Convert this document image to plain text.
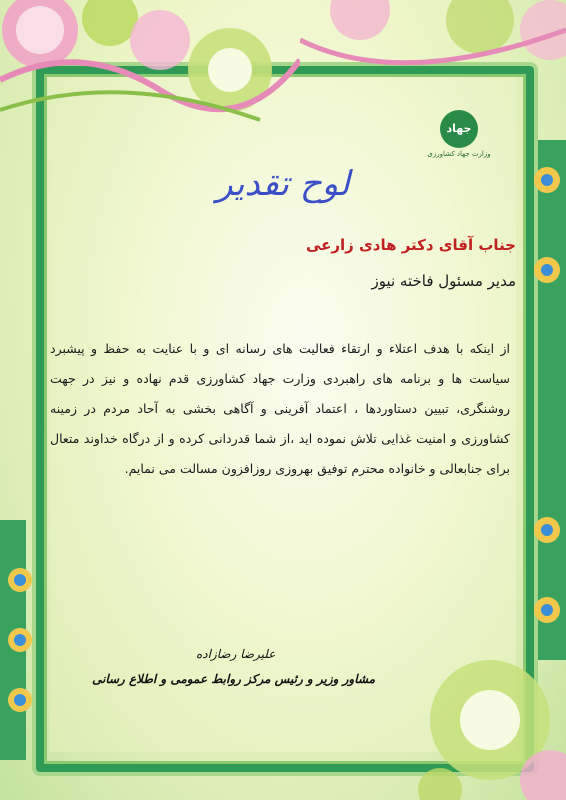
جهاد
وزارت جهاد کشاورزی
لوح تقدیر
جناب آقای دکتر هادی زارعی
مدیر مسئول فاخته نیوز
از اینکه با هدف اعتلاء و ارتقاء فعالیت های رسانه ای و با عنایت به حفظ و پیشبرد سیاست ها و برنامه های راهبردی وزارت جهاد کشاورزی قدم نهاده و نیز در جهت روشنگری، تبیین دستاوردها ، اعتماد آفرینی و آگاهی بخشی به آحاد مردم در زمینه کشاورزی و امنیت غذایی تلاش نموده اید ،از شما قدردانی کرده و از درگاه خداوند متعال برای جنابعالی و خانواده محترم توفیق بهروزی روزافزون مسالت می نمایم.
علیرضا رضازاده
مشاور وزیر و رئیس مرکز روابط عمومی و اطلاع رسانی
